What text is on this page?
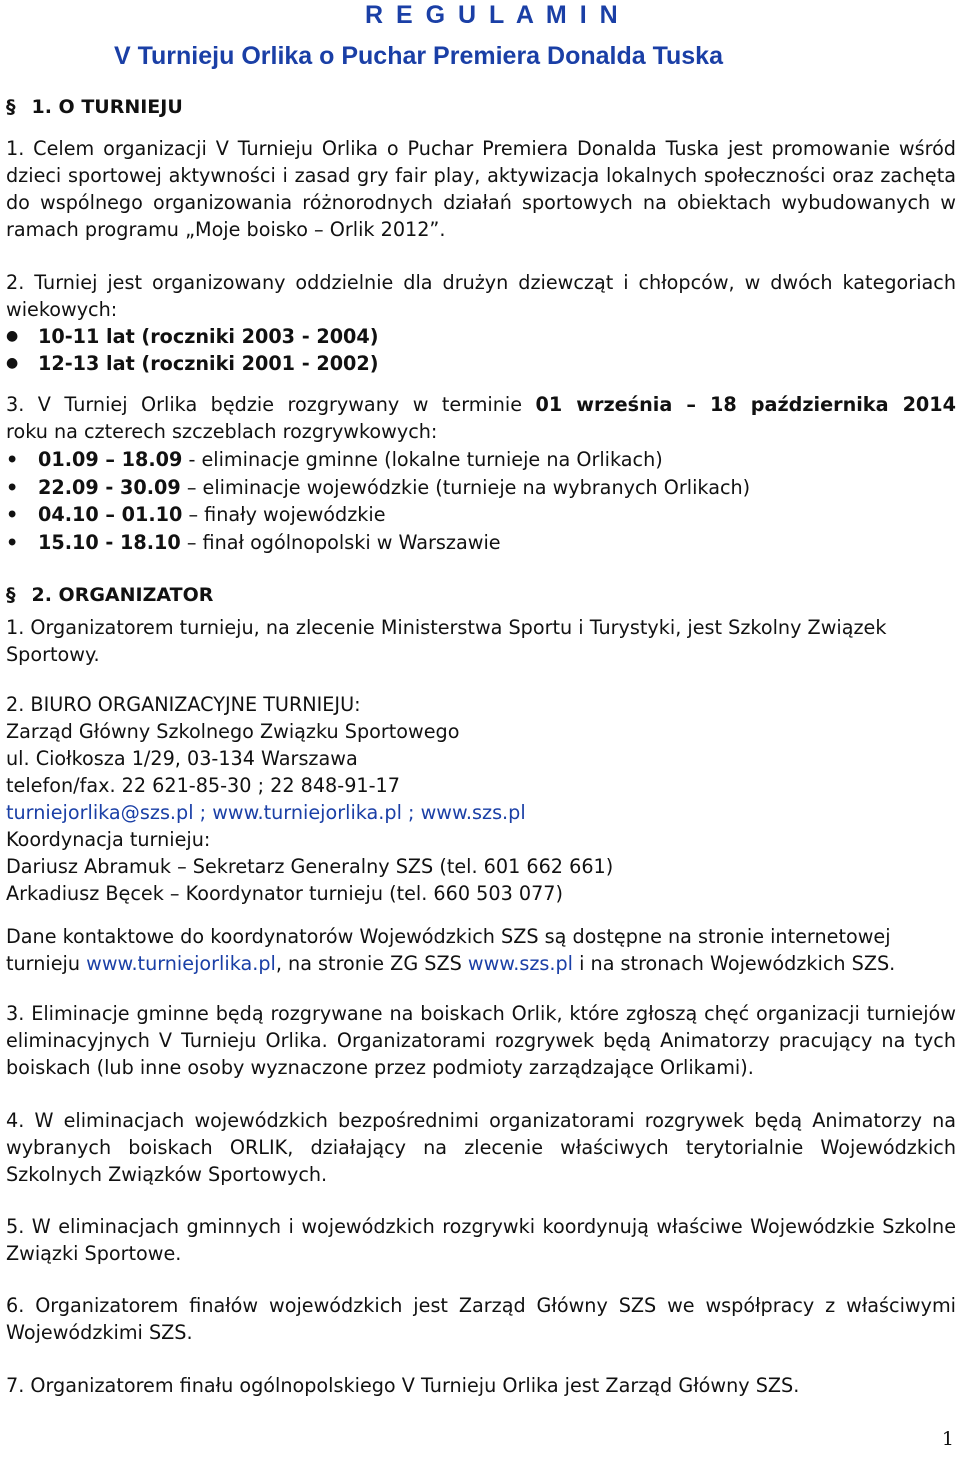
R E G U L A M I N
V Turnieju Orlika o Puchar Premiera Donalda Tuska
§ 1. O TURNIEJU

1. Celem organizacji V Turnieju Orlika o Puchar Premiera Donalda Tuska jest promowanie wśród dzieci sportowej aktywności i zasad gry fair play, aktywizacja lokalnych społeczności oraz zachęta do wspólnego organizowania różnorodnych działań sportowych na obiektach wybudowanych w ramach programu „Moje boisko – Orlik 2012”.

2. Turniej jest organizowany oddzielnie dla drużyn dziewcząt i chłopców, w dwóch kategoriach wiekowych:

● 10-11 lat (roczniki 2003 - 2004)
● 12-13 lat (roczniki 2001 - 2002)
3. V Turniej Orlika będzie rozgrywany w terminie 01 września – 18 października 2014
roku na czterech szczeblach rozgrywkowych:
• 01.09 – 18.09 - eliminacje gminne (lokalne turnieje na Orlikach)
• 22.09 - 30.09 – eliminacje wojewódzkie (turnieje na wybranych Orlikach)
• 04.10 – 01.10 – finały wojewódzkie
• 15.10 - 18.10 – finał ogólnopolski w Warszawie
§ 2. ORGANIZATOR

1. Organizatorem turnieju, na zlecenie Ministerstwa Sportu i Turystyki, jest Szkolny Związek Sportowy.

2. BIURO ORGANIZACYJNE TURNIEJU:
Zarząd Główny Szkolnego Związku Sportowego
ul. Ciołkosza 1/29, 03-134 Warszawa
telefon/fax. 22 621-85-30 ; 22 848-91-17
turniejorlika@szs.pl ; www.turniejorlika.pl ; www.szs.pl
Koordynacja turnieju:
Dariusz Abramuk – Sekretarz Generalny SZS (tel. 601 662 661)
Arkadiusz Bęcek – Koordynator turnieju (tel. 660 503 077)
Dane kontaktowe do koordynatorów Wojewódzkich SZS są dostępne na stronie internetowej
turnieju www.turniejorlika.pl, na stronie ZG SZS www.szs.pl i na stronach Wojewódzkich SZS.

3. Eliminacje gminne będą rozgrywane na boiskach Orlik, które zgłoszą chęć organizacji turniejów eliminacyjnych V Turnieju Orlika. Organizatorami rozgrywek będą Animatorzy pracujący na tych boiskach (lub inne osoby wyznaczone przez podmioty zarządzające Orlikami).

4. W eliminacjach wojewódzkich bezpośrednimi organizatorami rozgrywek będą Animatorzy na wybranych boiskach ORLIK, działający na zlecenie właściwych terytorialnie Wojewódzkich Szkolnych Związków Sportowych.

5. W eliminacjach gminnych i wojewódzkich rozgrywki koordynują właściwe Wojewódzkie Szkolne Związki Sportowe.

6. Organizatorem finałów wojewódzkich jest Zarząd Główny SZS we współpracy z właściwymi Wojewódzkimi SZS.

7. Organizatorem finału ogólnopolskiego V Turnieju Orlika jest Zarząd Główny SZS.

1
